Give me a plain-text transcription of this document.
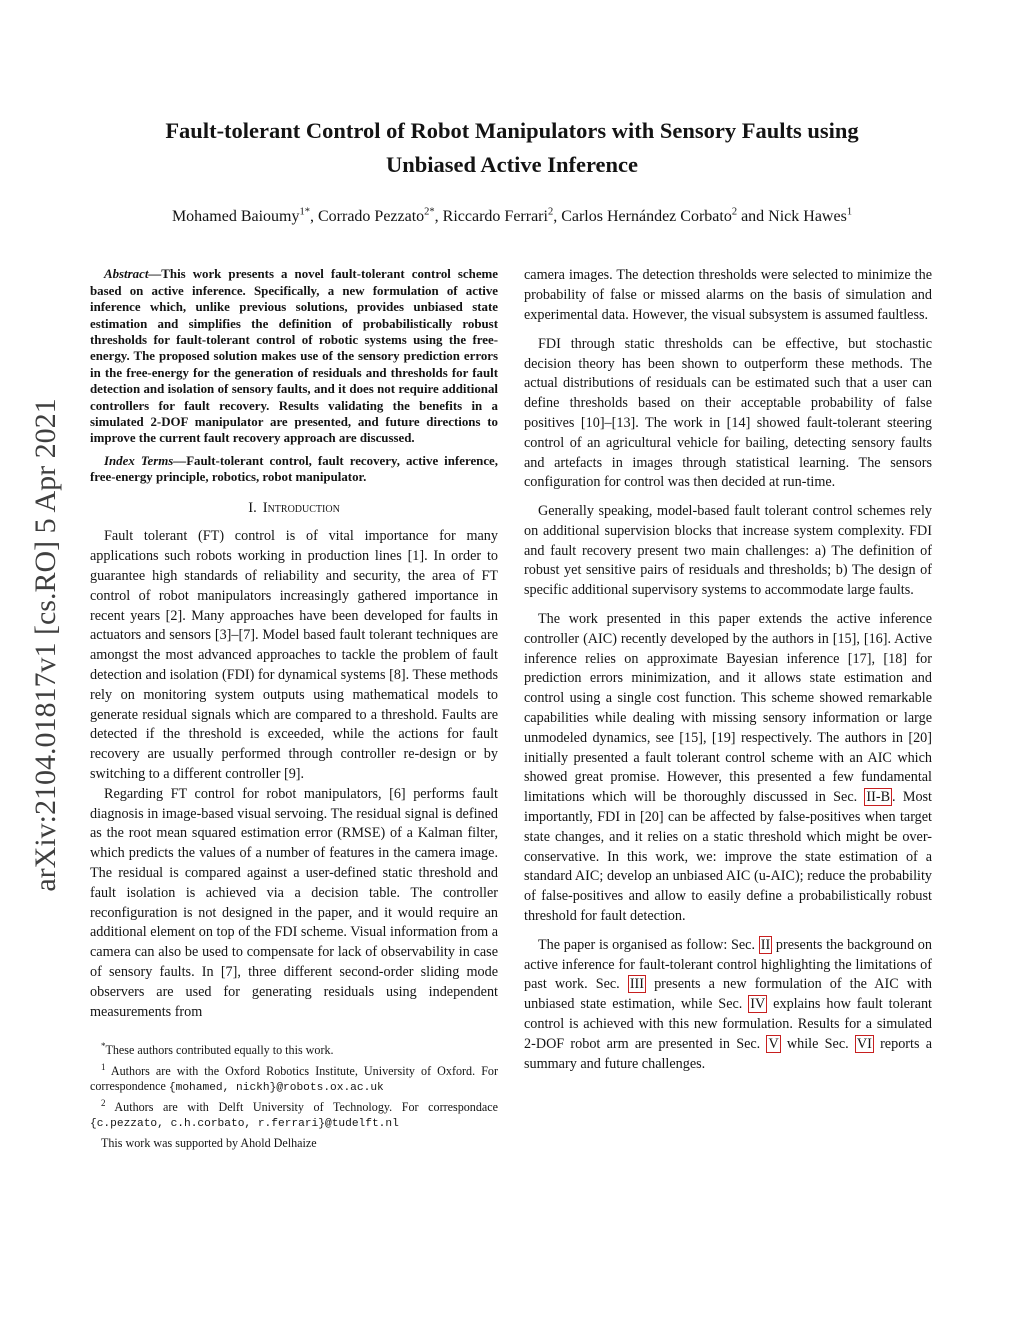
arXiv:2104.01817v1 [cs.RO] 5 Apr 2021
Fault-tolerant Control of Robot Manipulators with Sensory Faults using
Unbiased Active Inference
Mohamed Baioumy$^{1*}$, Corrado Pezzato$^{2*}$, Riccardo Ferrari$^2$, Carlos Hernández Corbato$^2$ and Nick Hawes$^1$

Abstract—This work presents a novel fault-tolerant control scheme based on active inference. Specifically, a new formulation of active inference which, unlike previous solutions, provides unbiased state estimation and simplifies the definition of probabilistically robust thresholds for fault-tolerant control of robotic systems using the free-energy. The proposed solution makes use of the sensory prediction errors in the free-energy for the generation of residuals and thresholds for fault detection and isolation of sensory faults, and it does not require additional controllers for fault recovery. Results validating the benefits in a simulated 2-DOF manipulator are presented, and future directions to improve the current fault recovery approach are discussed.

Index Terms—Fault-tolerant control, fault recovery, active inference, free-energy principle, robotics, robot manipulator.

I. Introduction

Fault tolerant (FT) control is of vital importance for many applications such robots working in production lines [1]. In order to guarantee high standards of reliability and security, the area of FT control of robot manipulators increasingly gathered importance in recent years [2]. Many approaches have been developed for faults in actuators and sensors [3]–[7]. Model based fault tolerant techniques are amongst the most advanced approaches to tackle the problem of fault detection and isolation (FDI) for dynamical systems [8]. These methods rely on monitoring system outputs using mathematical models to generate residual signals which are compared to a threshold. Faults are detected if the threshold is exceeded, while the actions for fault recovery are usually performed through controller re-design or by switching to a different controller [9].

Regarding FT control for robot manipulators, [6] performs fault diagnosis in image-based visual servoing. The residual signal is defined as the root mean squared estimation error (RMSE) of a Kalman filter, which predicts the values of a number of features in the camera image. The residual is compared against a user-defined static threshold and fault isolation is achieved via a decision table. The controller reconfiguration is not designed in the paper, and it would require an additional element on top of the FDI scheme. Visual information from a camera can also be used to compensate for lack of observability in case of sensory faults. In [7], three different second-order sliding mode observers are used for generating residuals using independent measurements from

*These authors contributed equally to this work.

$^1$ Authors are with the Oxford Robotics Institute, University of Oxford. For correspondence {mohamed, nickh}@robots.ox.ac.uk

$^2$ Authors are with Delft University of Technology. For correspondace {c.pezzato, c.h.corbato, r.ferrari}@tudelft.nl

This work was supported by Ahold Delhaize

camera images. The detection thresholds were selected to minimize the probability of false or missed alarms on the basis of simulation and experimental data. However, the visual subsystem is assumed faultless.

FDI through static thresholds can be effective, but stochastic decision theory has been shown to outperform these methods. The actual distributions of residuals can be estimated such that a user can define thresholds based on their acceptable probability of false positives [10]–[13]. The work in [14] showed fault-tolerant steering control of an agricultural vehicle for bailing, detecting sensory faults and artefacts in images through statistical learning. The sensors configuration for control was then decided at run-time.

Generally speaking, model-based fault tolerant control schemes rely on additional supervision blocks that increase system complexity. FDI and fault recovery present two main challenges: a) The definition of robust yet sensitive pairs of residuals and thresholds; b) The design of specific additional supervisory systems to accommodate large faults.

The work presented in this paper extends the active inference controller (AIC) recently developed by the authors in [15], [16]. Active inference relies on approximate Bayesian inference [17], [18] for prediction errors minimization, and it allows state estimation and control using a single cost function. This scheme showed remarkable capabilities while dealing with missing sensory information or large unmodeled dynamics, see [15], [19] respectively. The authors in [20] initially presented a fault tolerant control scheme with an AIC which showed great promise. However, this presented a few fundamental limitations which will be thoroughly discussed in Sec. II-B . Most importantly, FDI in [20] can be affected by false-positives when target state changes, and it relies on a static threshold which might be over-conservative. In this work, we: improve the state estimation of a standard AIC; develop an unbiased AIC (u-AIC); reduce the probability of false-positives and allow to easily define a probabilistically robust threshold for fault detection.

The paper is organised as follow: Sec. II presents the background on active inference for fault-tolerant control highlighting the limitations of past work. Sec. III presents a new formulation of the AIC with unbiased state estimation, while Sec. IV explains how fault tolerant control is achieved with this new formulation. Results for a simulated 2-DOF robot arm are presented in Sec. V while Sec. VI reports a summary and future challenges.
